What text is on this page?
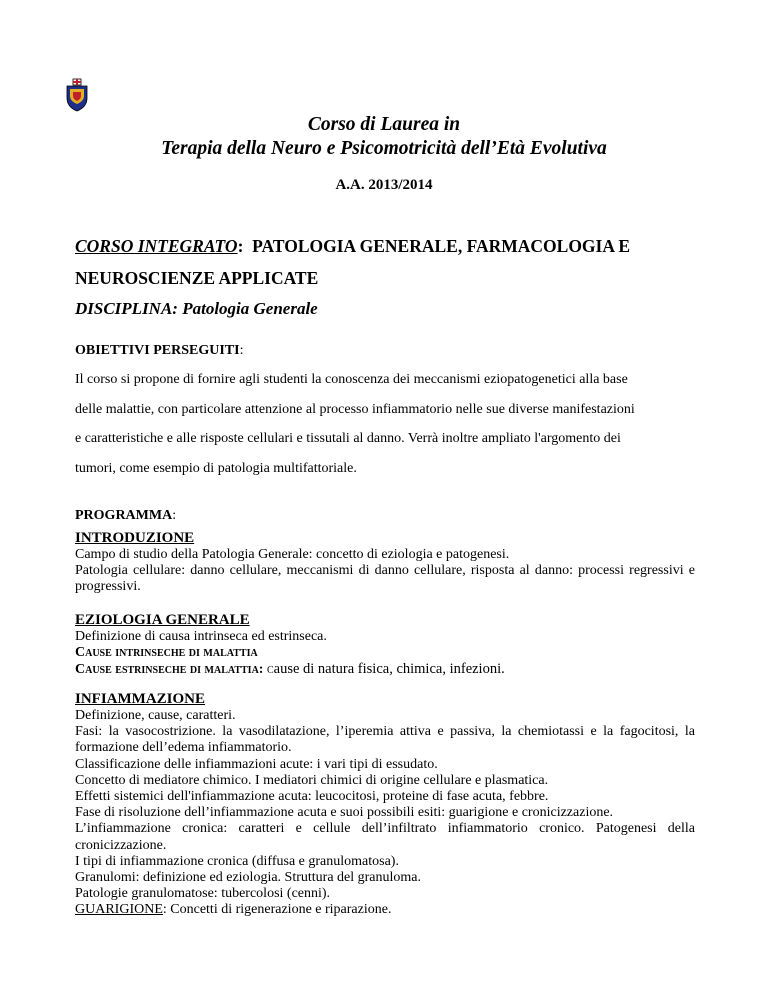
Corso di Laurea in
Terapia della Neuro e Psicomotricità dell’Età Evolutiva
A.A. 2013/2014
CORSO INTEGRATO: PATOLOGIA GENERALE, FARMACOLOGIA E
NEUROSCIENZE APPLICATE
DISCIPLINA: Patologia Generale
OBIETTIVI PERSEGUITI:
Il corso si propone di fornire agli studenti la conoscenza dei meccanismi eziopatogenetici alla base
delle malattie, con particolare attenzione al processo infiammatorio nelle sue diverse manifestazioni
e caratteristiche e alle risposte cellulari e tissutali al danno. Verrà inoltre ampliato l'argomento dei
tumori, come esempio di patologia multifattoriale.
PROGRAMMA:
INTRODUZIONE
Campo di studio della Patologia Generale: concetto di eziologia e patogenesi.
Patologia cellulare: danno cellulare, meccanismi di danno cellulare, risposta al danno: processi regressivi e progressivi.
EZIOLOGIA GENERALE
Definizione di causa intrinseca ed estrinseca.
Cause intrinseche di malattia
Cause estrinseche di malattia: cause di natura fisica, chimica, infezioni.
INFIAMMAZIONE
Definizione, cause, caratteri.
Fasi: la vasocostrizione. la vasodilatazione, l’iperemia attiva e passiva, la chemiotassi e la fagocitosi, la formazione dell’edema infiammatorio.
Classificazione delle infiammazioni acute: i vari tipi di essudato.
Concetto di mediatore chimico. I mediatori chimici di origine cellulare e plasmatica.
Effetti sistemici dell'infiammazione acuta: leucocitosi, proteine di fase acuta, febbre.
Fase di risoluzione dell’infiammazione acuta e suoi possibili esiti: guarigione e cronicizzazione.
L’infiammazione cronica: caratteri e cellule dell’infiltrato infiammatorio cronico. Patogenesi della cronicizzazione.
I tipi di infiammazione cronica (diffusa e granulomatosa).
Granulomi: definizione ed eziologia. Struttura del granuloma.
Patologie granulomatose: tubercolosi (cenni).
GUARIGIONE: Concetti di rigenerazione e riparazione.
